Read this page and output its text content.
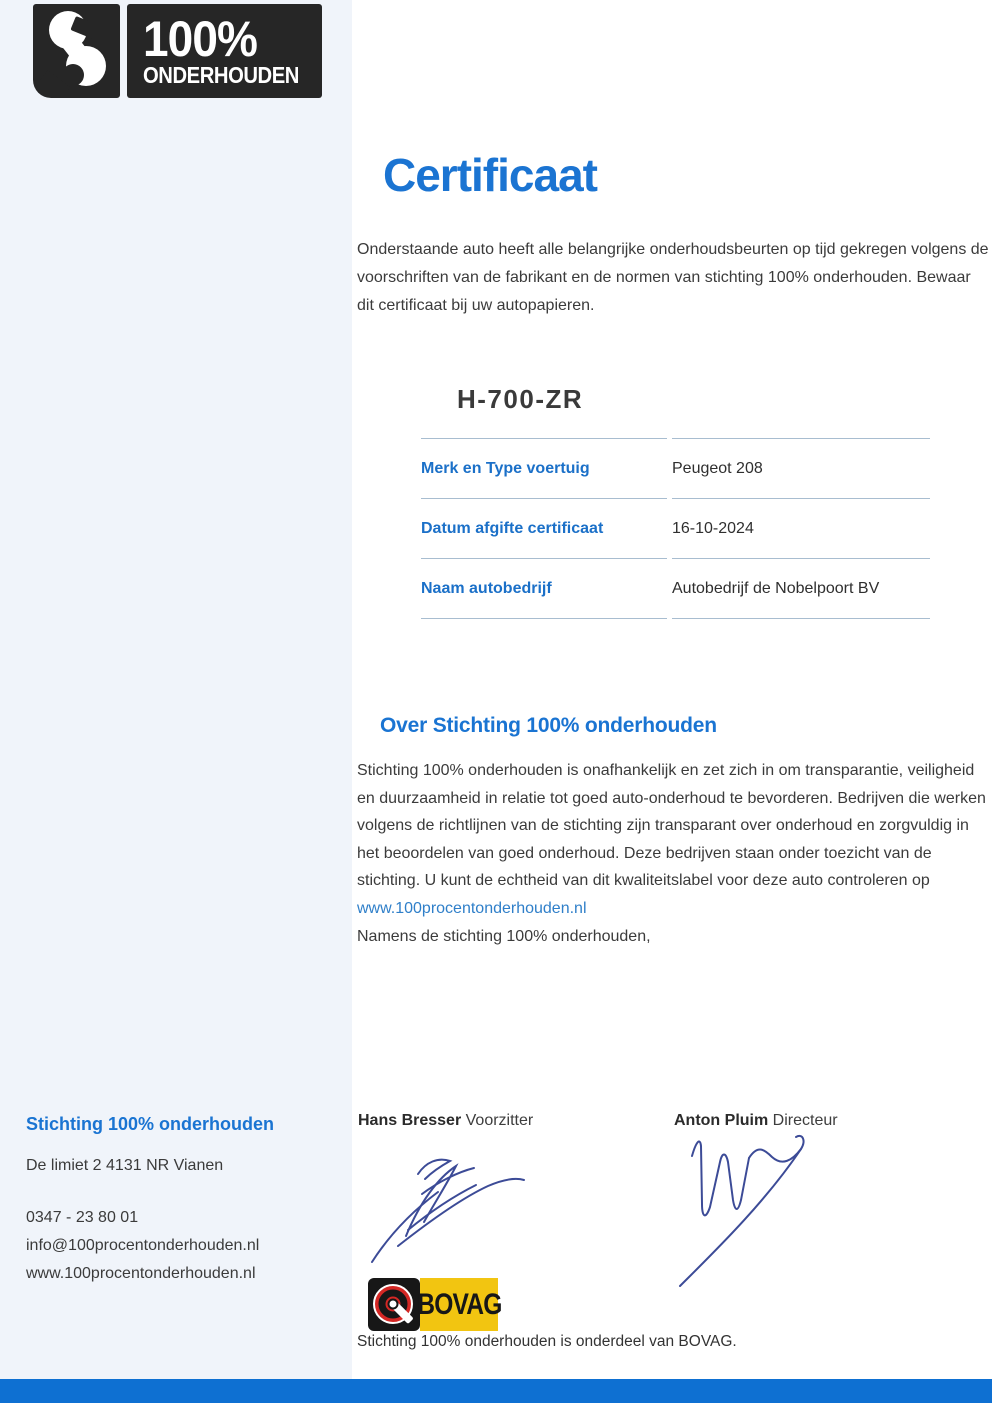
100%
ONDERHOUDEN
Certificaat
Onderstaande auto heeft alle belangrijke onderhoudsbeurten op tijd gekregen volgens de voorschriften van de fabrikant en de normen van stichting 100% onderhouden. Bewaar dit certificaat bij uw autopapieren.
H-700-ZR
Merk en Type voertuig	Peugeot 208
Datum afgifte certificaat	16-10-2024
Naam autobedrijf	Autobedrijf de Nobelpoort BV
Over Stichting 100% onderhouden
Stichting 100% onderhouden is onafhankelijk en zet zich in om transparantie, veiligheid en duurzaamheid in relatie tot goed auto-onderhoud te bevorderen. Bedrijven die werken volgens de richtlijnen van de stichting zijn transparant over onderhoud en zorgvuldig in het beoordelen van goed onderhoud. Deze bedrijven staan onder toezicht van de stichting. U kunt de echtheid van dit kwaliteitslabel voor deze auto controleren op www.100procentonderhouden.nl
Namens de stichting 100% onderhouden,
Hans Bresser Voorzitter	Anton Pluim Directeur
Stichting 100% onderhouden
De limiet 2 4131 NR Vianen
0347 - 23 80 01
info@100procentonderhouden.nl
www.100procentonderhouden.nl
BOVAG
Stichting 100% onderhouden is onderdeel van BOVAG.
